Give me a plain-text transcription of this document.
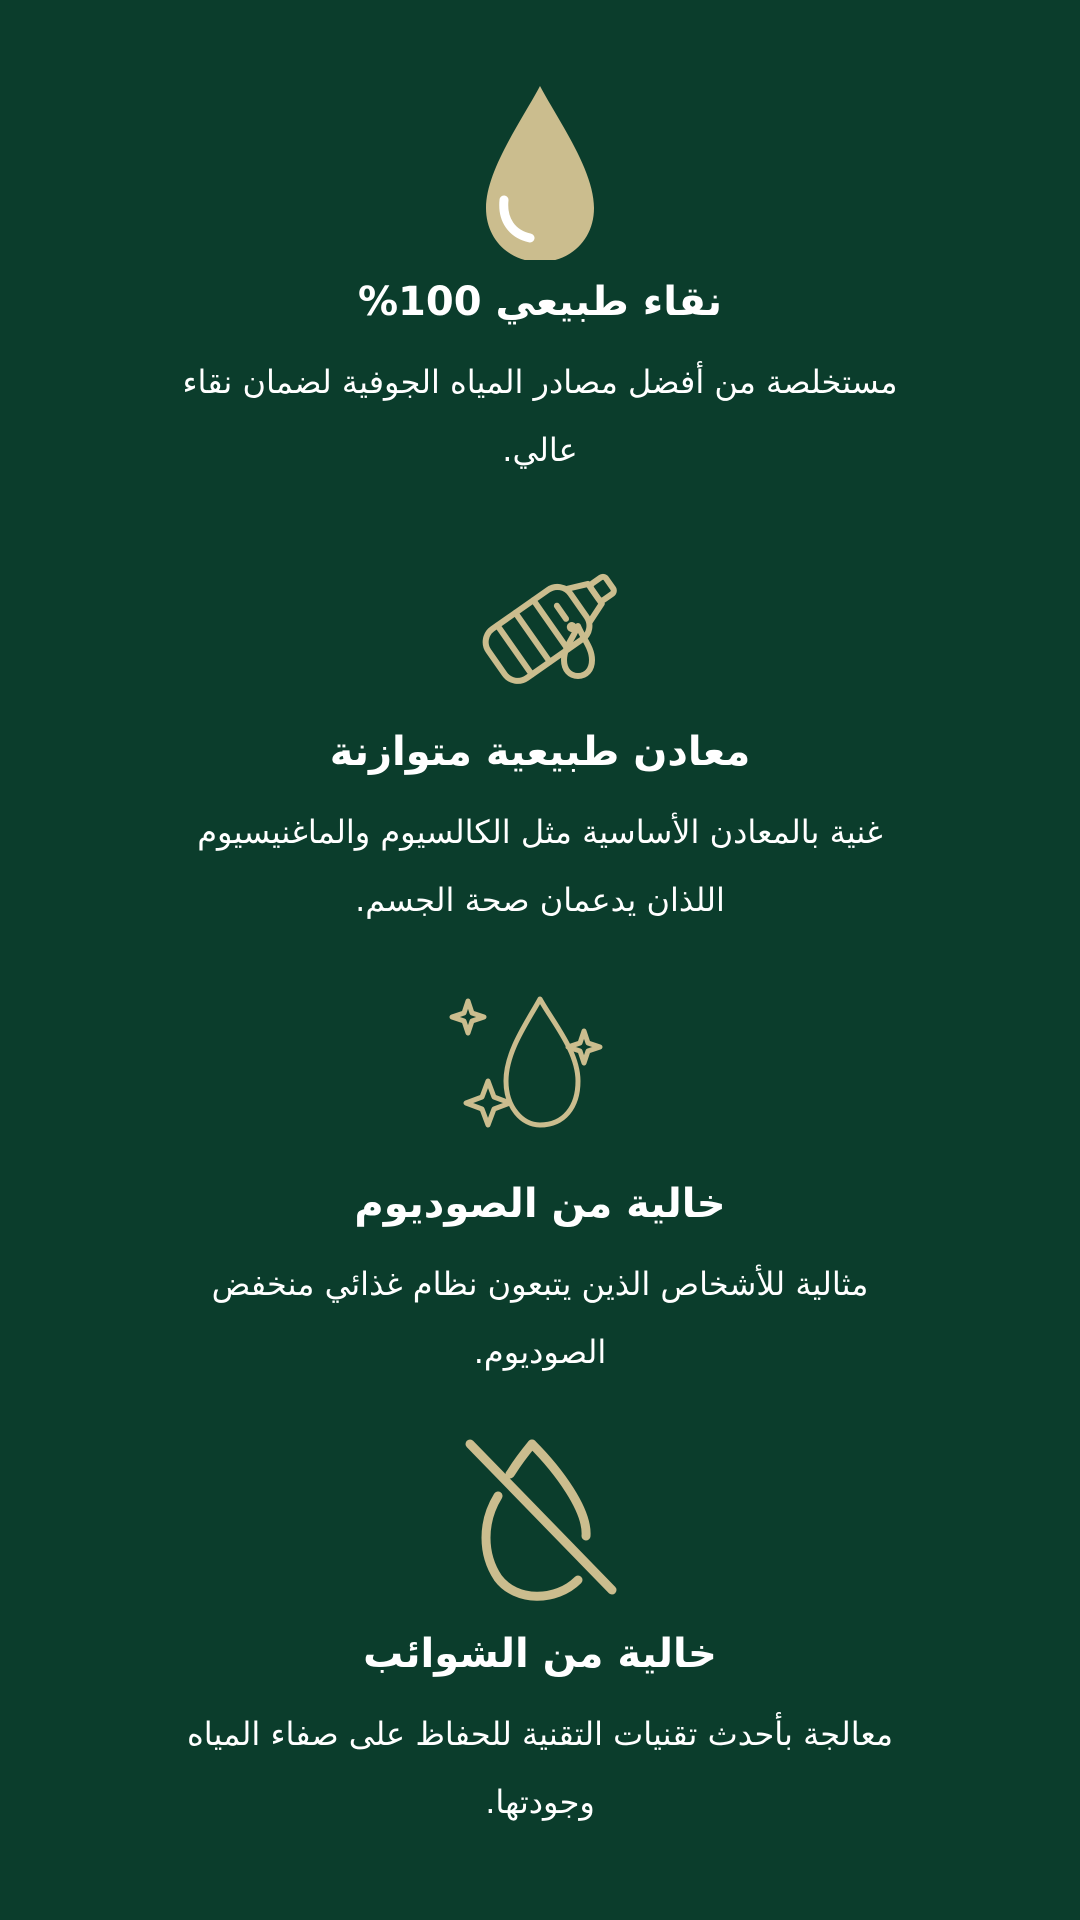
نقاء طبيعي 100%

مستخلصة من أفضل مصادر المياه الجوفية لضمان نقاء عالي.

معادن طبيعية متوازنة

غنية بالمعادن الأساسية مثل الكالسيوم والماغنيسيوم اللذان يدعمان صحة الجسم.

خالية من الصوديوم

مثالية للأشخاص الذين يتبعون نظام غذائي منخفض الصوديوم.

خالية من الشوائب

معالجة بأحدث تقنيات التقنية للحفاظ على صفاء المياه وجودتها.
